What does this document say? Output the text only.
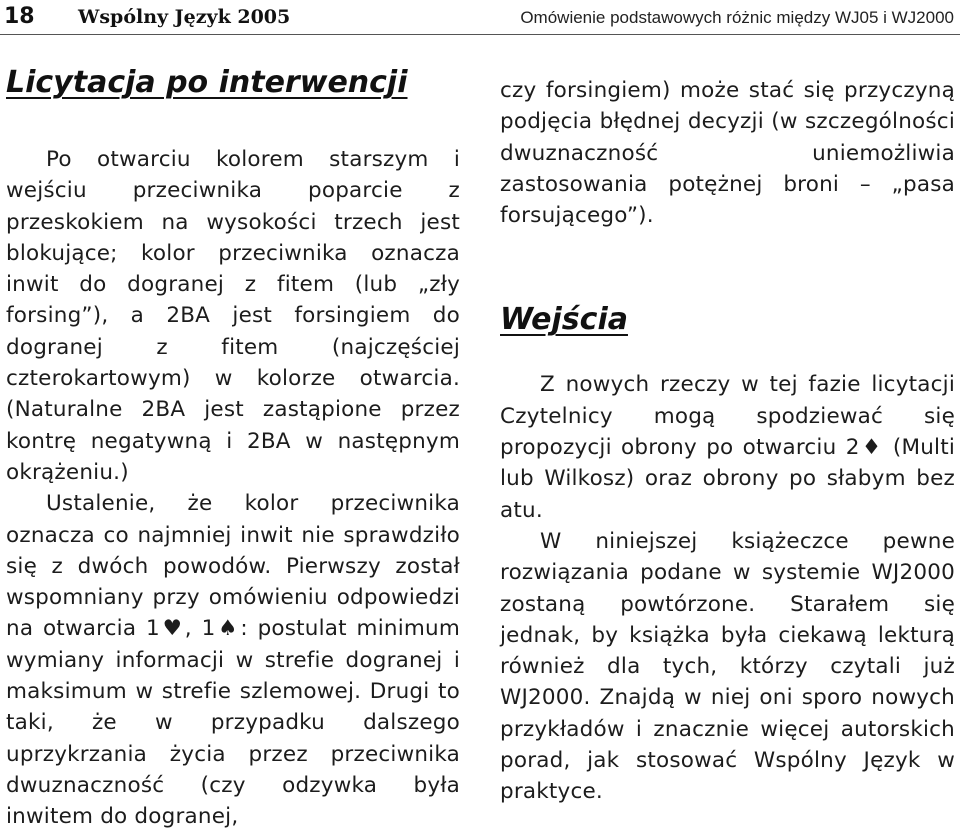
18 Wspólny Język 2005	Omówienie podstawowych różnic między WJ05 i WJ2000
Licytacja po interwencji

Po otwarciu kolorem starszym i wejściu przeciwnika poparcie z przeskokiem na wysokości trzech jest blokujące; kolor przeciwnika oznacza inwit do dogranej z fitem (lub „zły forsing”), a 2BA jest forsingiem do dogranej z fitem (najczęściej czterokartowym) w kolorze otwarcia. (Naturalne 2BA jest zastąpione przez kontrę negatywną i 2BA w następnym okrążeniu.)

Ustalenie, że kolor przeciwnika oznacza co najmniej inwit nie sprawdziło się z dwóch powodów. Pierwszy został wspomniany przy omówieniu odpowiedzi na otwarcia 1♥, 1♠: postulat minimum wymiany informacji w strefie dogranej i maksimum w strefie szlemowej. Drugi to taki, że w przypadku dalszego uprzykrzania życia przez przeciwnika dwuznaczność (czy odzywka była inwitem do dogranej,

czy forsingiem) może stać się przyczyną podjęcia błędnej decyzji (w szczególności dwuznaczność uniemożliwia zastosowania potężnej broni – „pasa forsującego”).

Wejścia

Z nowych rzeczy w tej fazie licytacji Czytelnicy mogą spodziewać się propozycji obrony po otwarciu 2♦ (Multi lub Wilkosz) oraz obrony po słabym bez atu.

W niniejszej książeczce pewne rozwiązania podane w systemie WJ2000 zostaną powtórzone. Starałem się jednak, by książka była ciekawą lekturą również dla tych, którzy czytali już WJ2000. Znajdą w niej oni sporo nowych przykładów i znacznie więcej autorskich porad, jak stosować Wspólny Język w praktyce.
